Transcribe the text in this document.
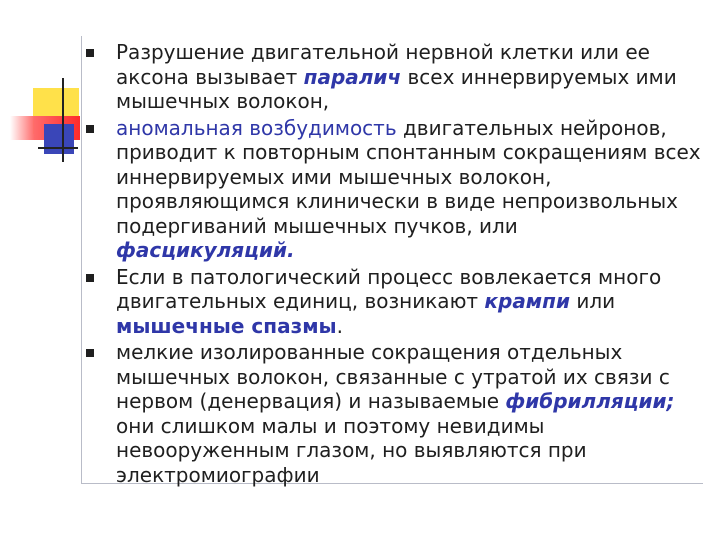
Разрушение двигательной нервной клетки или ее аксона вызывает паралич всех иннервируемых ими мышечных волокон,
аномальная возбудимость двигательных нейронов, приводит к повторным спонтанным сокращениям всех иннервируемых ими мышечных волокон, проявляющимся клинически в виде непроизвольных подергиваний мышечных пучков, или фасцикуляций.
Если в патологический процесс вовлекается много двигательных единиц, возникают крампи или мышечные спазмы.
мелкие изолированные сокращения отдельных мышечных волокон, связанные с утратой их связи с нервом (денервация) и называемые фибрилляции; они слишком малы и поэтому невидимы невооруженным глазом, но выявляются при электромиографии
